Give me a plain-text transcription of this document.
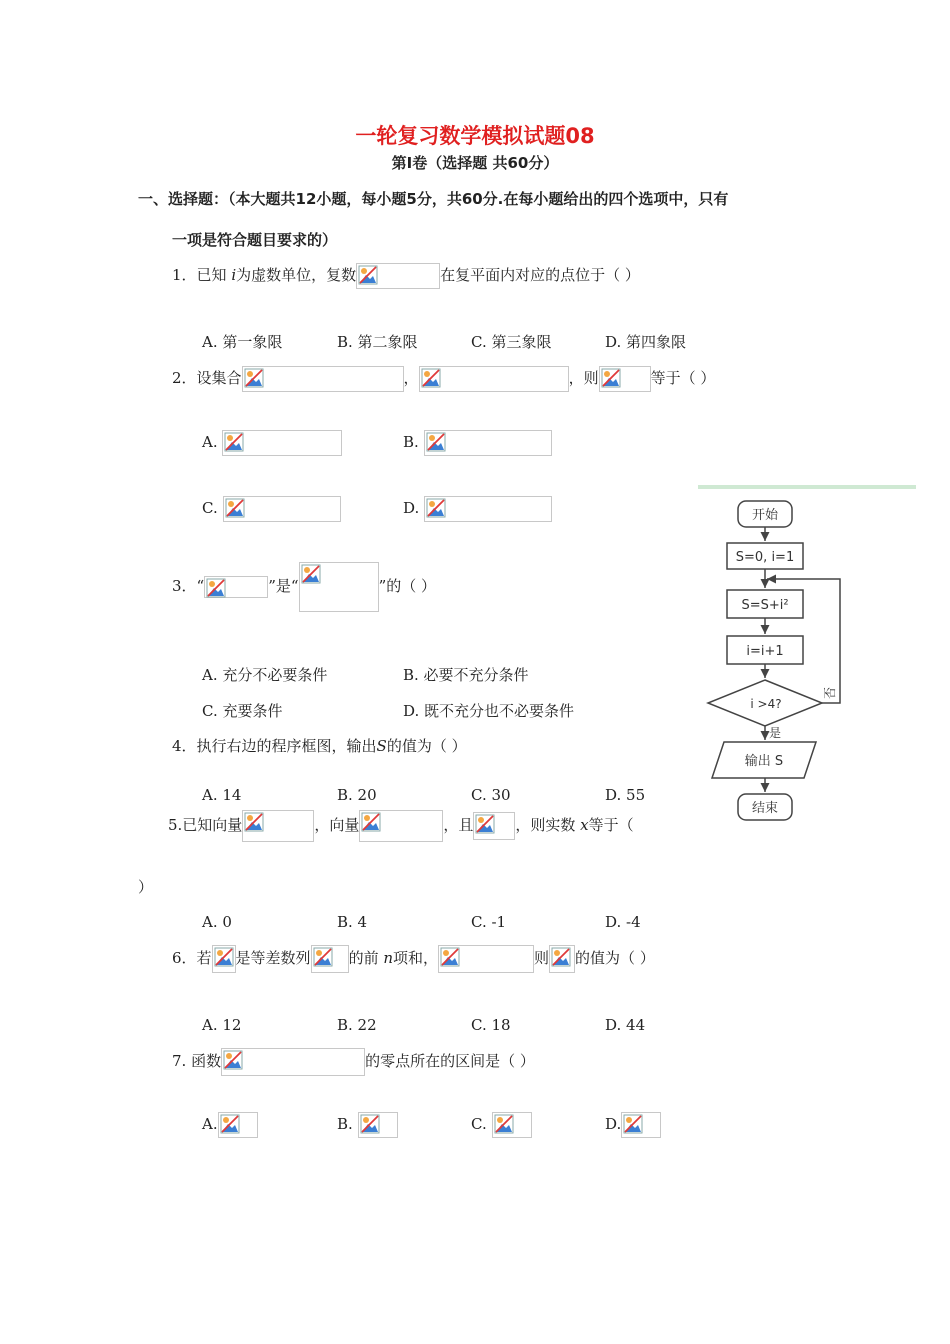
一轮复习数学模拟试题08
第Ⅰ卷（选择题 共60分）
一、选择题：（本大题共12小题，每小题5分，共60分.在每小题给出的四个选项中，只有
一项是符合题目要求的）
1．已知 i为虚数单位，复数	在复平面内对应的点位于（ ）
A. 第一象限	B. 第二象限	C. 第三象限	D. 第四象限
2．设集合	，	，则	等于（ ）
A.	B.
C.	D.
3．“	”是“	”的（ ）
A. 充分不必要条件	B. 必要不充分条件
C. 充要条件	D. 既不充分也不必要条件
4．执行右边的程序框图，输出S的值为（ ）
A. 14	B. 20	C. 30	D. 55
5.已知向量	，向量	，且	，则实数 x等于（
）
A. 0	B. 4	C. -1	D. -4
6．若 是等差数列	的前 n项和，	则 的值为（ ）
A. 12	B. 22	C. 18	D. 44
7. 函数	的零点所在的区间是（ ）
A.	B.	C.	D.
开始
S=0, i=1
S=S+i²
i=i+1
i >4?
否
是
输出 S
结束
